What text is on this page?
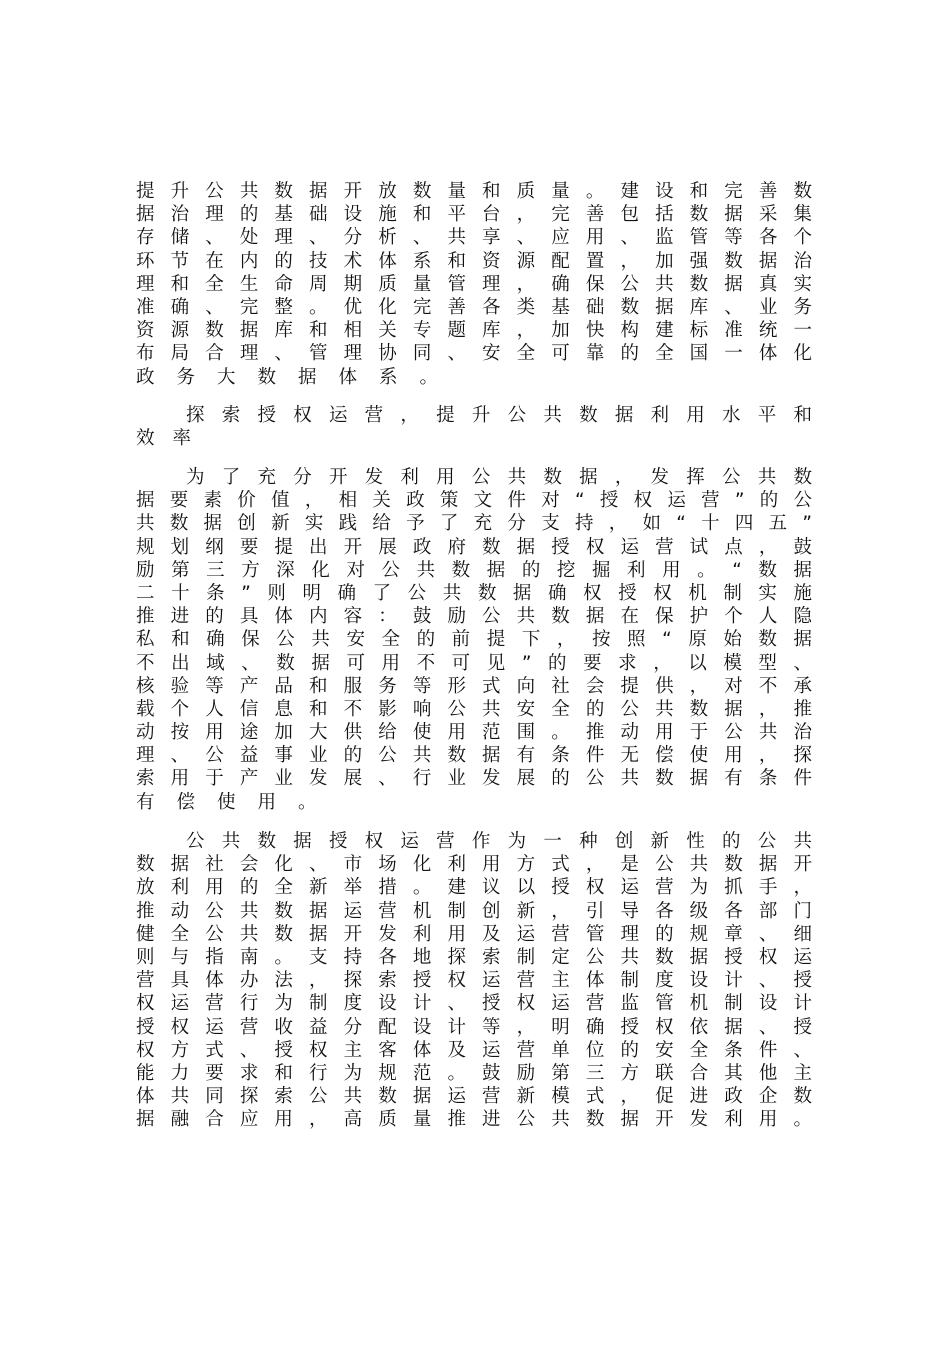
提升公共数据开放数量和质量。建设和完善数
据治理的基础设施和平台，完善包括数据采集
存储、处理、分析、共享、应用、监管等各个
环节在内的技术体系和资源配置，加强数据治
理和全生命周期质量管理，确保公共数据真实
准确、完整。优化完善各类基础数据库、业务
资源数据库和相关专题库，加快构建标准统一
布局合理、管理协同、安全可靠的全国一体化
政务大数据体系。
探索授权运营，提升公共数据利用水平和
效率
为了充分开发利用公共数据，发挥公共数
据要素价值，相关政策文件对“授权运营”的公
共数据创新实践给予了充分支持，如“十四五”
规划纲要提出开展政府数据授权运营试点，鼓
励第三方深化对公共数据的挖掘利用。“数据
二十条”则明确了公共数据确权授权机制实施
推进的具体内容：鼓励公共数据在保护个人隐
私和确保公共安全的前提下，按照“原始数据
不出域、数据可用不可见”的要求，以模型、
核验等产品和服务等形式向社会提供，对不承
载个人信息和不影响公共安全的公共数据，推
动按用途加大供给使用范围。推动用于公共治
理、公益事业的公共数据有条件无偿使用，探
索用于产业发展、行业发展的公共数据有条件
有偿使用。
公共数据授权运营作为一种创新性的公共
数据社会化、市场化利用方式，是公共数据开
放利用的全新举措。建议以授权运营为抓手，
推动公共数据运营机制创新，引导各级各部门
健全公共数据开发利用及运营管理的规章、细
则与指南。支持各地探索制定公共数据授权运
营具体办法，探索授权运营主体制度设计、授
权运营行为制度设计、授权运营监管机制设计
授权运营收益分配设计等，明确授权依据、授
权方式、授权主客体及运营单位的安全条件、
能力要求和行为规范。鼓励第三方联合其他主
体共同探索公共数据运营新模式，促进政企数
据融合应用，高质量推进公共数据开发利用。
